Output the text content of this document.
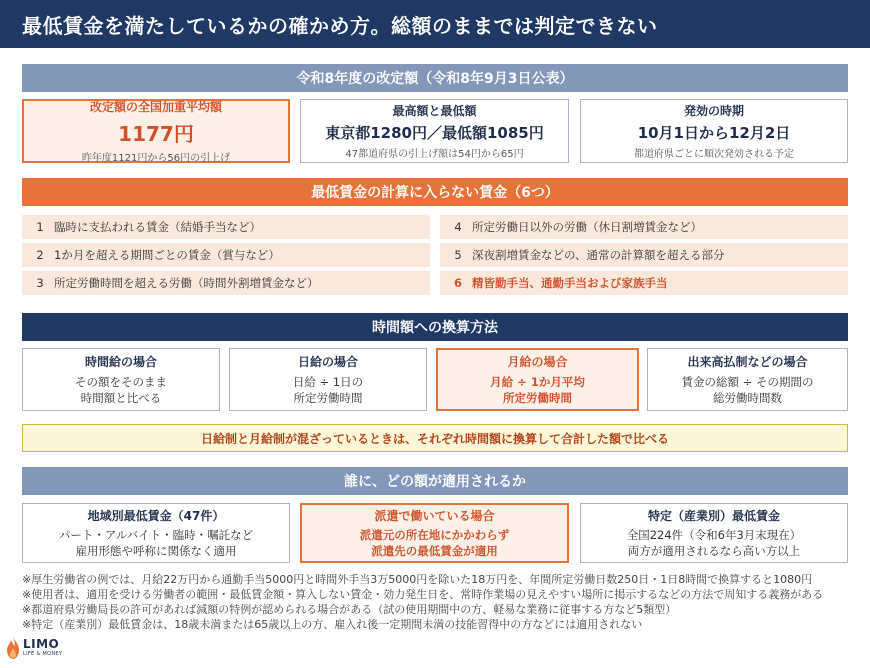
最低賃金を満たしているかの確かめ方。総額のままでは判定できない
令和8年度の改定額（令和8年9月3日公表）
改定額の全国加重平均額
1177円
昨年度1121円から56円の引上げ
最高額と最低額
東京都1280円／最低額1085円
47都道府県の引上げ額は54円から65円
発効の時期
10月1日から12月2日
都道府県ごとに順次発効される予定
最低賃金の計算に入らない賃金（6つ）
1 臨時に支払われる賃金（結婚手当など）
2 1か月を超える期間ごとの賃金（賞与など）
3 所定労働時間を超える労働（時間外割増賃金など）
4 所定労働日以外の労働（休日割増賃金など）
5 深夜割増賃金などの、通常の計算額を超える部分
6 精皆勤手当、通勤手当および家族手当
時間額への換算方法
時間給の場合
その額をそのまま
時間額と比べる
日給の場合
日給 ÷ 1日の
所定労働時間
月給の場合
月給 ÷ 1か月平均
所定労働時間
出来高払制などの場合
賃金の総額 ÷ その期間の
総労働時間数
日給制と月給制が混ざっているときは、それぞれ時間額に換算して合計した額で比べる
誰に、どの額が適用されるか
地域別最低賃金（47件）
パート・アルバイト・臨時・嘱託など
雇用形態や呼称に関係なく適用
派遣で働いている場合
派遣元の所在地にかかわらず
派遣先の最低賃金が適用
特定（産業別）最低賃金
全国224件（令和6年3月末現在）
両方が適用されるなら高い方以上
※厚生労働省の例では、月給22万円から通勤手当5000円と時間外手当3万5000円を除いた18万円を、年間所定労働日数250日・1日8時間で換算すると1080円
※使用者は、適用を受ける労働者の範囲・最低賃金額・算入しない賃金・効力発生日を、常時作業場の見えやすい場所に掲示するなどの方法で周知する義務がある
※都道府県労働局長の許可があれば減額の特例が認められる場合がある（試の使用期間中の方、軽易な業務に従事する方など5類型）
※特定（産業別）最低賃金は、18歳未満または65歳以上の方、雇入れ後一定期間未満の技能習得中の方などには適用されない
LIMO
LIFE & MONEY
